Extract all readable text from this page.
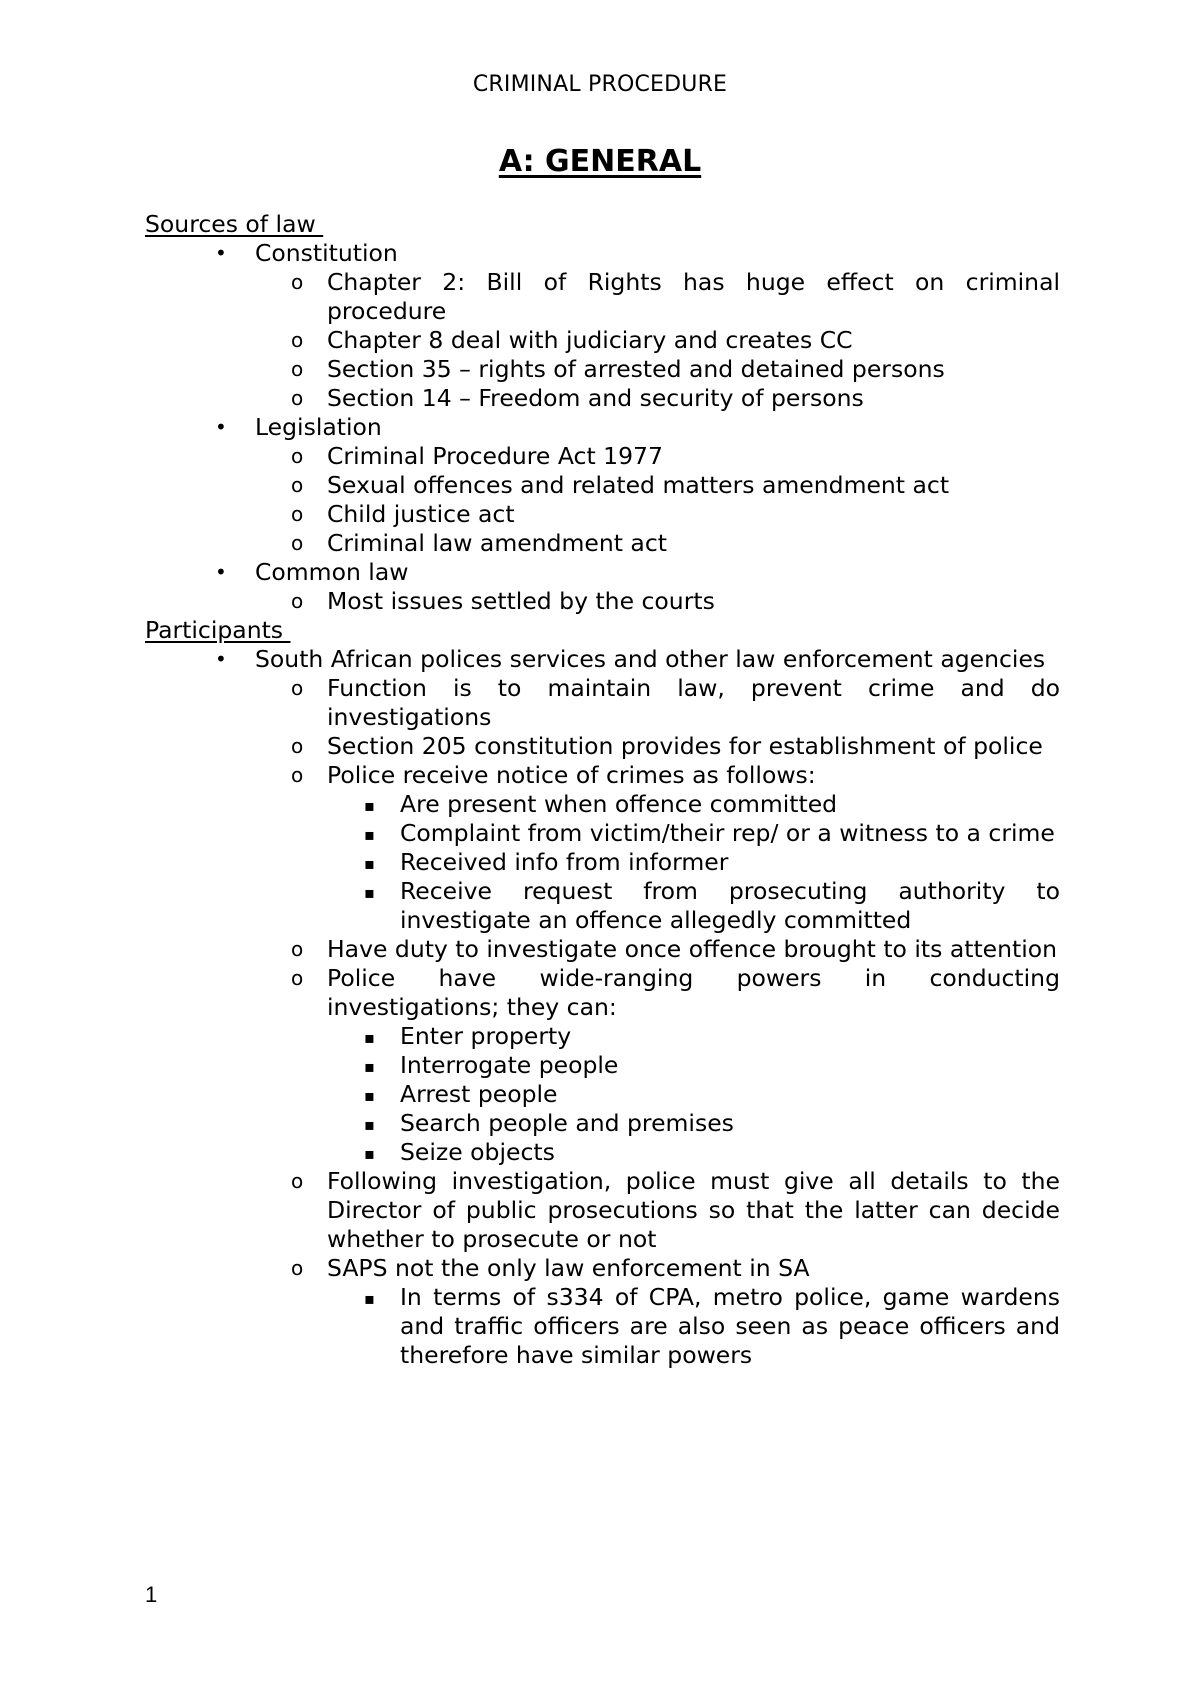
CRIMINAL PROCEDURE
A: GENERAL
Sources of law
• Constitution
o Chapter 2: Bill of Rights has huge effect on criminal procedure
o Chapter 8 deal with judiciary and creates CC
o Section 35 – rights of arrested and detained persons
o Section 14 – Freedom and security of persons
• Legislation
o Criminal Procedure Act 1977
o Sexual offences and related matters amendment act
o Child justice act
o Criminal law amendment act
• Common law
o Most issues settled by the courts
Participants
• South African polices services and other law enforcement agencies
o Function is to maintain law, prevent crime and do investigations
o Section 205 constitution provides for establishment of police
o Police receive notice of crimes as follows:
▪ Are present when offence committed
▪ Complaint from victim/their rep/ or a witness to a crime
▪ Received info from informer
▪ Receive request from prosecuting authority to investigate an offence allegedly committed
o Have duty to investigate once offence brought to its attention
o Police have wide-ranging powers in conducting investigations; they can:
▪ Enter property
▪ Interrogate people
▪ Arrest people
▪ Search people and premises
▪ Seize objects
o Following investigation, police must give all details to the Director of public prosecutions so that the latter can decide whether to prosecute or not
o SAPS not the only law enforcement in SA
▪ In terms of s334 of CPA, metro police, game wardens and traffic officers are also seen as peace officers and therefore have similar powers
1
